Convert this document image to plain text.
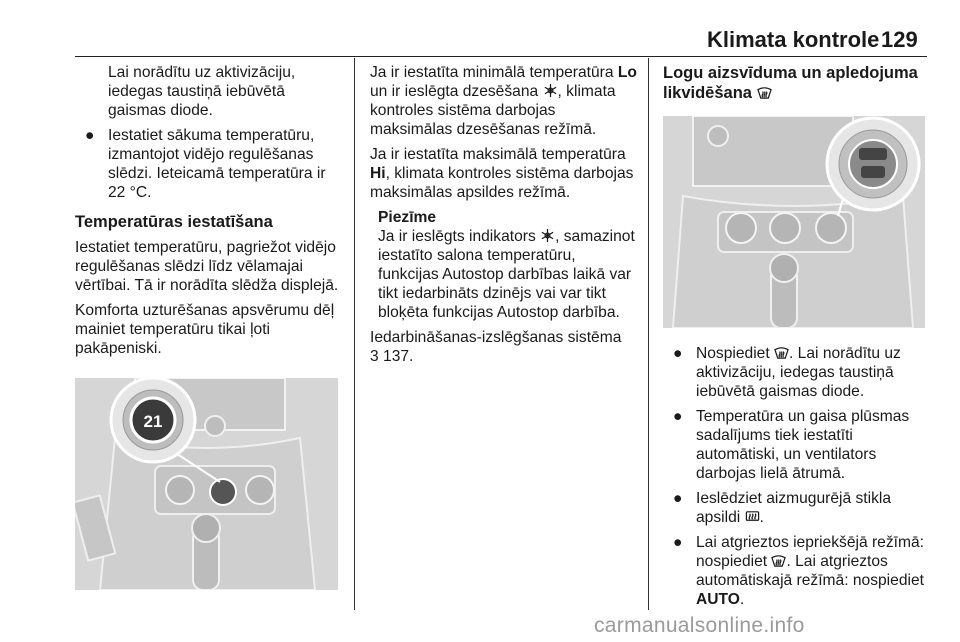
Klimata kontrole 129

Lai norādītu uz aktivizāciju, iedegas taustiņā iebūvētā gaismas diode.

● Iestatiet sākuma temperatūru, izmantojot vidējo regulēšanas slēdzi. Ieteicamā temperatūra ir 22 °C.
Temperatūras iestatīšana

Iestatiet temperatūru, pagriežot vidējo regulēšanas slēdzi līdz vēlamajai vērtībai. Tā ir norādīta slēdža displejā.

Komforta uzturēšanas apsvērumu dēļ mainiet temperatūru tikai ļoti pakāpeniski.

21

Ja ir iestatīta minimālā temperatūra Lo un ir ieslēgta dzesēšana , klimata kontroles sistēma darbojas maksimālas dzesēšanas režīmā.

Ja ir iestatīta maksimālā temperatūra Hi, klimata kontroles sistēma darbojas maksimālas apsildes režīmā.

Piezīme

Ja ir ieslēgts indikators , samazinot iestatīto salona temperatūru, funkcijas Autostop darbības laikā var tikt iedarbināts dzinējs vai var tikt bloķēta funkcijas Autostop darbība.

Iedarbināšanas-izslēgšanas sistēma
3 137.

Logu aizsvīduma un apledojuma likvidēšana
● Nospiediet . Lai norādītu uz aktivizāciju, iedegas taustiņā iebūvētā gaismas diode.
● Temperatūra un gaisa plūsmas sadalījums tiek iestatīti automātiski, un ventilators darbojas lielā ātrumā.
● Ieslēdziet aizmugurējā stikla apsildi .
● Lai atgrieztos iepriekšējā režīmā: nospiediet . Lai atgrieztos automātiskajā režīmā: nospiediet
AUTO.
carmanualsonline.info
